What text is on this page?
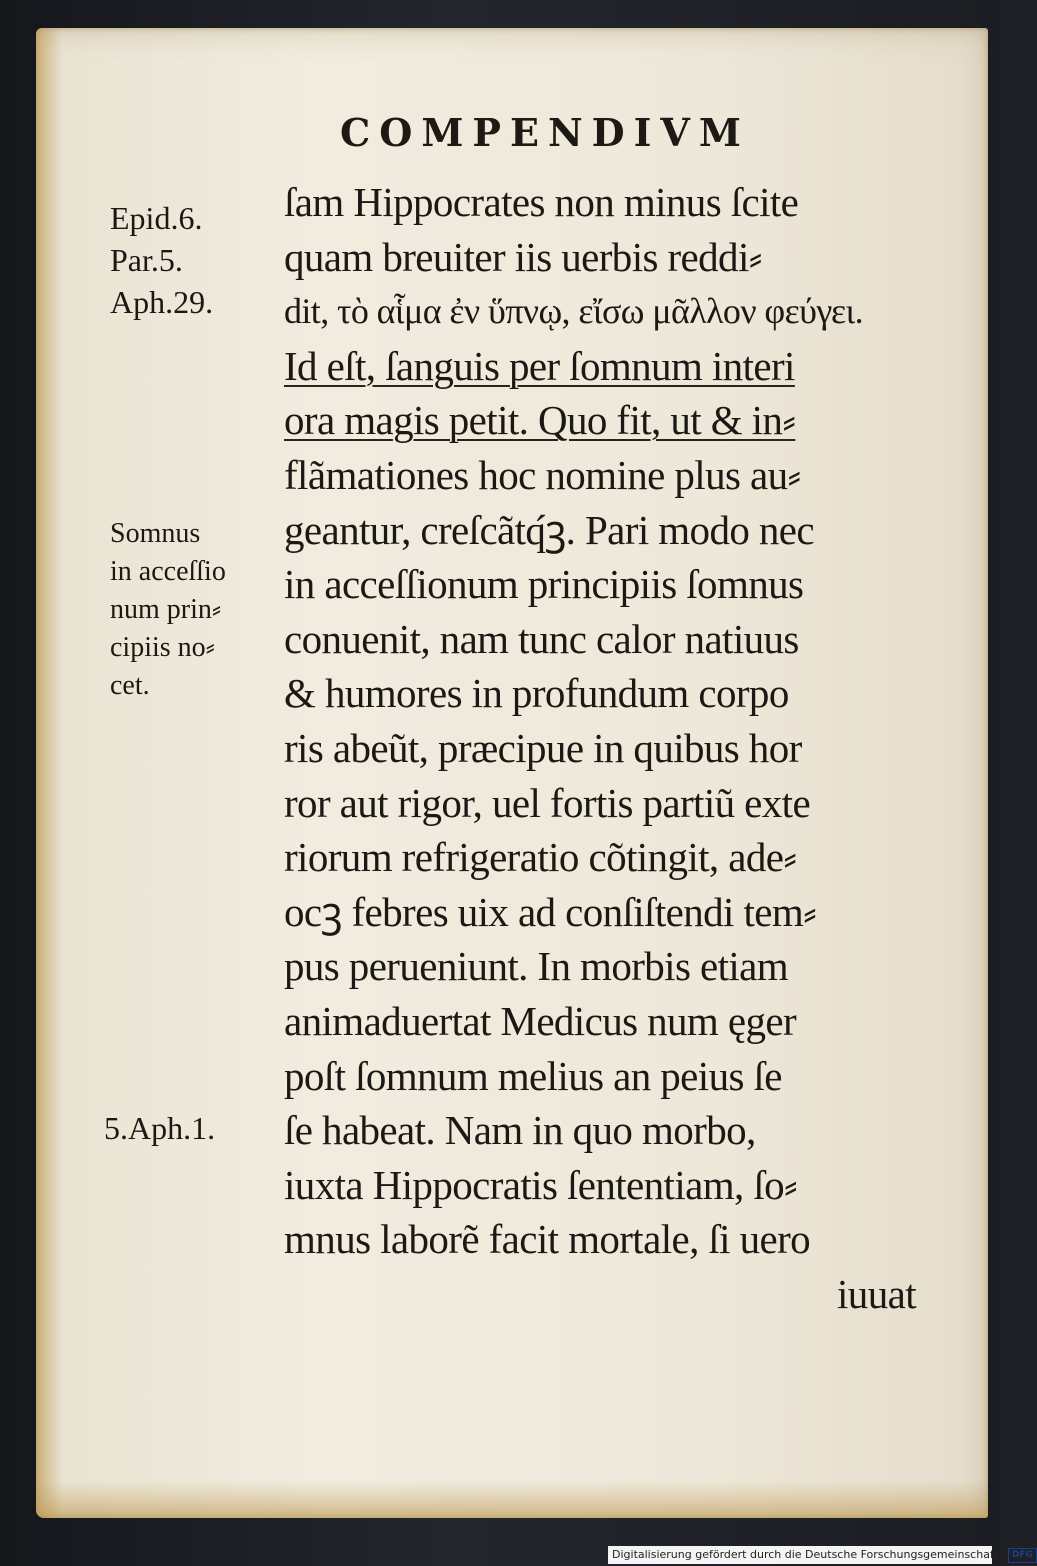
COMPENDIVM
Epid.6.
Par.5.
Aph.29.
Somnus
in acceſſio
num prin⸗
cipiis no⸗
cet.
5.Aph.1.
ſam Hippocrates non minus ſcite
quam breuiter iis uerbis reddi⸗
dit, τὸ αἷμα ἐν ὕπνῳ, εἴσω μᾶλλον φεύγει.
Id eſt, ſanguis per ſomnum interi
ora magis petit. Quo fit, ut & in⸗
flãmationes hoc nomine plus au⸗
geantur, creſcãtq́ꝫ. Pari modo nec
in acceſſionum principiis ſomnus
conuenit, nam tunc calor natiuus
& humores in profundum corpo
ris abeũt, præcipue in quibus hor
ror aut rigor, uel fortis partiũ exte
riorum refrigeratio cõtingit, ade⸗
ocꝫ febres uix ad conſiſtendi tem⸗
pus perueniunt. In morbis etiam
animaduertat Medicus num ęger
poſt ſomnum melius an peius ſe
ſe habeat. Nam in quo morbo,
iuxta Hippocratis ſententiam, ſo⸗
mnus laborẽ facit mortale, ſi uero
iuuat
Digitalisierung gefördert durch die Deutsche Forschungsgemeinschaft · DFG
